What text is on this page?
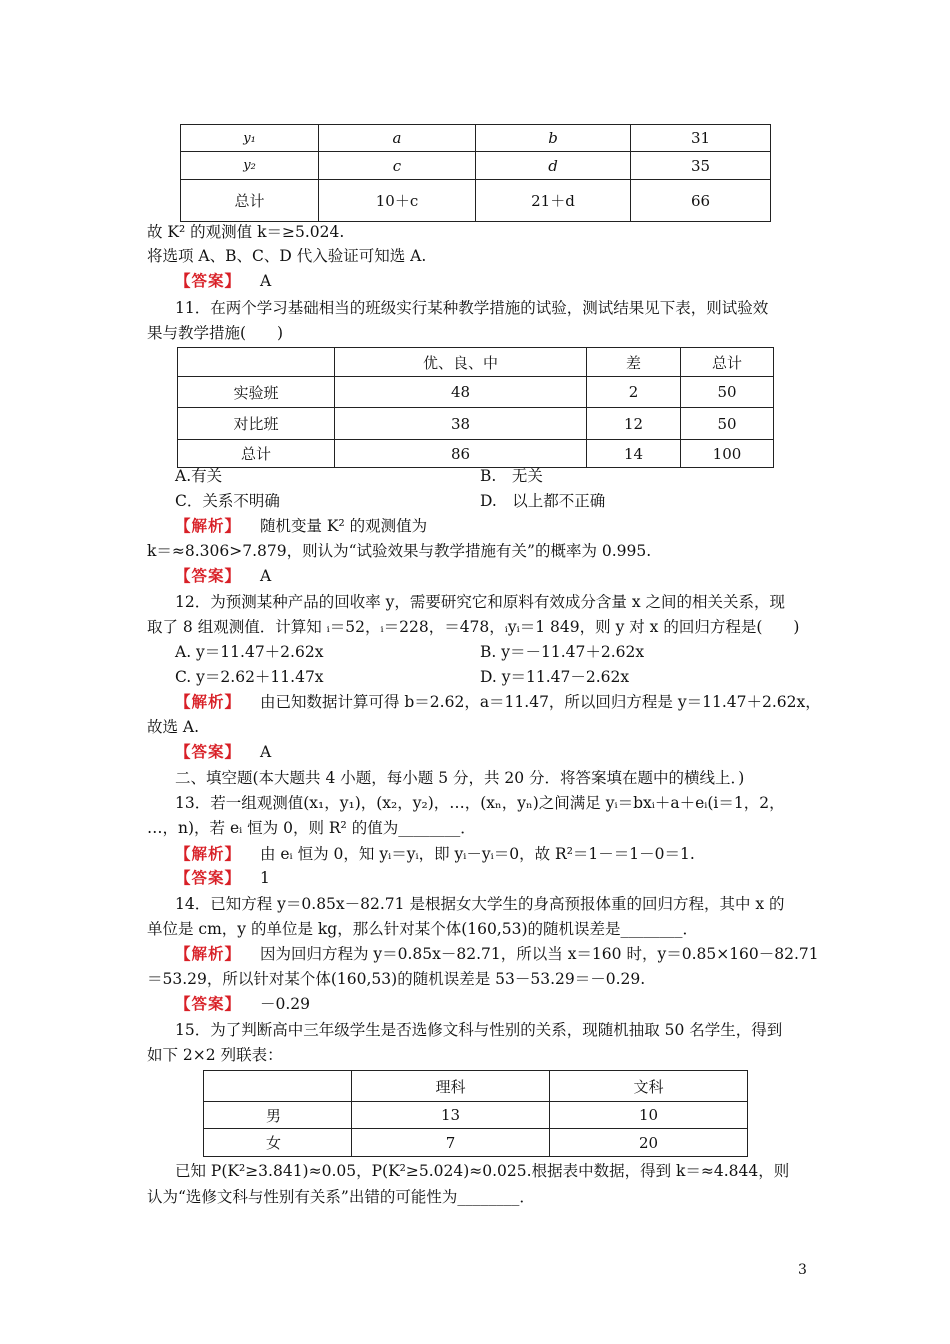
y₁	a	b	31
y₂	c	d	35
总计	10＋c	21＋d	66
故 K² 的观测值 k＝≥5.024.
将选项 A、B、C、D 代入验证可知选 A.
【答案】 A
11．在两个学习基础相当的班级实行某种教学措施的试验，测试结果见下表，则试验效
果与教学措施(　　)
	优、良、中	差	总计
实验班	48	2	50
对比班	38	12	50
总计	86	14	100
A.有关	B.　无关
C．关系不明确	D.　以上都不正确
【解析】 随机变量 K² 的观测值为
k＝≈8.306>7.879，则认为“试验效果与教学措施有关”的概率为 0.995.
【答案】 A
12．为预测某种产品的回收率 y，需要研究它和原料有效成分含量 x 之间的相关关系，现
取了 8 组观测值．计算知 ᵢ＝52，ᵢ＝228，＝478，ᵢyᵢ＝1 849，则 y 对 x 的回归方程是(　　)
A. y＝11.47＋2.62x	B. y＝－11.47＋2.62x
C. y＝2.62＋11.47x	D. y＝11.47－2.62x
【解析】 由已知数据计算可得 b＝2.62，a＝11.47，所以回归方程是 y＝11.47＋2.62x，
故选 A.
【答案】 A
二、填空题(本大题共 4 小题，每小题 5 分，共 20 分．将答案填在题中的横线上．)
13．若一组观测值(x₁，y₁)，(x₂，y₂)，…，(xₙ，yₙ)之间满足 yᵢ＝bxᵢ＋a＋eᵢ(i＝1，2，
…，n)，若 eᵢ 恒为 0，则 R² 的值为________．
【解析】 由 eᵢ 恒为 0，知 yᵢ＝yᵢ，即 yᵢ－yᵢ＝0，故 R²＝1－＝1－0＝1.
【答案】 1
14．已知方程 y＝0.85x－82.71 是根据女大学生的身高预报体重的回归方程，其中 x 的
单位是 cm，y 的单位是 kg，那么针对某个体(160,53)的随机误差是________．
【解析】 因为回归方程为 y＝0.85x－82.71，所以当 x＝160 时，y＝0.85×160－82.71
＝53.29，所以针对某个体(160,53)的随机误差是 53－53.29＝－0.29.
【答案】 －0.29
15．为了判断高中三年级学生是否选修文科与性别的关系，现随机抽取 50 名学生，得到
如下 2×2 列联表：
	理科	文科
男	13	10
女	7	20
已知 P(K²≥3.841)≈0.05，P(K²≥5.024)≈0.025.根据表中数据，得到 k＝≈4.844，则
认为“选修文科与性别有关系”出错的可能性为________．
3
